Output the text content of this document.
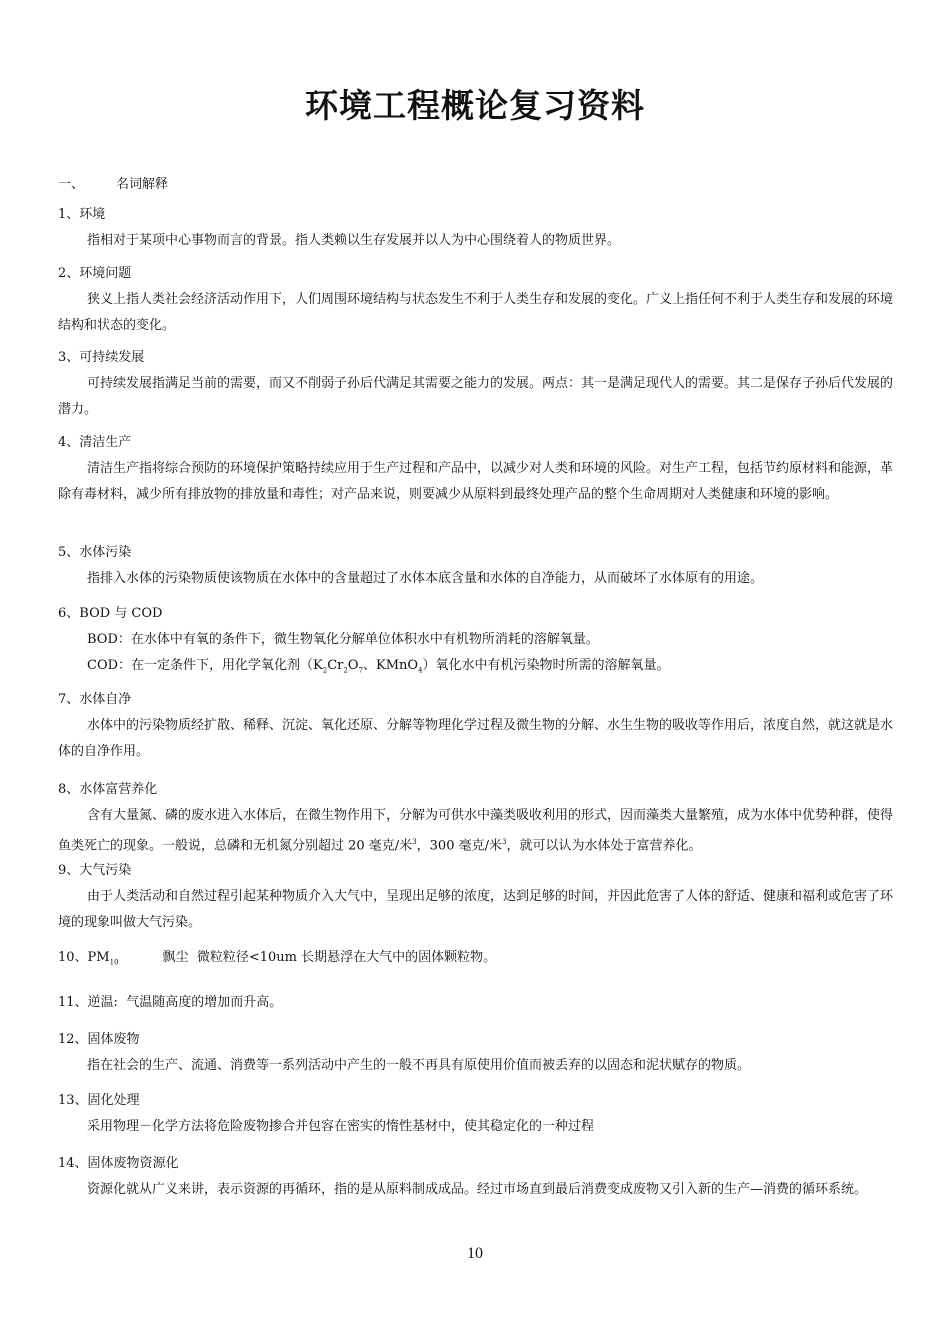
环境工程概论复习资料
一、 名词解释
1、环境
指相对于某项中心事物而言的背景。指人类赖以生存发展并以人为中心围绕着人的物质世界。
2、环境问题
狭义上指人类社会经济活动作用下，人们周围环境结构与状态发生不利于人类生存和发展的变化。广义上指任何不利于人类生存和发展的环境结构和状态的变化。
3、可持续发展
可持续发展指满足当前的需要，而又不削弱子孙后代满足其需要之能力的发展。两点：其一是满足现代人的需要。其二是保存子孙后代发展的潜力。
4、清洁生产
清洁生产指将综合预防的环境保护策略持续应用于生产过程和产品中，以减少对人类和环境的风险。对生产工程，包括节约原材料和能源，革除有毒材料，减少所有排放物的排放量和毒性；对产品来说，则要减少从原料到最终处理产品的整个生命周期对人类健康和环境的影响。
5、水体污染
指排入水体的污染物质使该物质在水体中的含量超过了水体本底含量和水体的自净能力，从而破坏了水体原有的用途。
6、BOD 与 COD
BOD：在水体中有氧的条件下，微生物氧化分解单位体积水中有机物所消耗的溶解氧量。
COD：在一定条件下，用化学氧化剂（$K_2Cr_2O_7$、KMnO$_4$）氧化水中有机污染物时所需的溶解氧量。
7、水体自净
水体中的污染物质经扩散、稀释、沉淀、氧化还原、分解等物理化学过程及微生物的分解、水生生物的吸收等作用后，浓度自然，就这就是水体的自净作用。
8、水体富营养化
含有大量氮、磷的废水进入水体后，在微生物作用下，分解为可供水中藻类吸收利用的形式，因而藻类大量繁殖，成为水体中优势种群，使得鱼类死亡的现象。一般说，总磷和无机氮分别超过 20 毫克/米$^3$，300 毫克/米$^3$，就可以认为水体处于富营养化。
9、大气污染
由于人类活动和自然过程引起某种物质介入大气中，呈现出足够的浓度，达到足够的时间，并因此危害了人体的舒适、健康和福利或危害了环境的现象叫做大气污染。
10、$PM_{10}$	飘尘 微粒粒径<10um 长期悬浮在大气中的固体颗粒物。
11、逆温: 气温随高度的增加而升高。
12、固体废物
指在社会的生产、流通、消费等一系列活动中产生的一般不再具有原使用价值而被丢弃的以固态和泥状赋存的物质。
13、固化处理
采用物理－化学方法将危险废物掺合并包容在密实的惰性基材中，使其稳定化的一种过程
14、固体废物资源化
资源化就从广义来讲，表示资源的再循环，指的是从原料制成成品。经过市场直到最后消费变成废物又引入新的生产—消费的循环系统。
10
